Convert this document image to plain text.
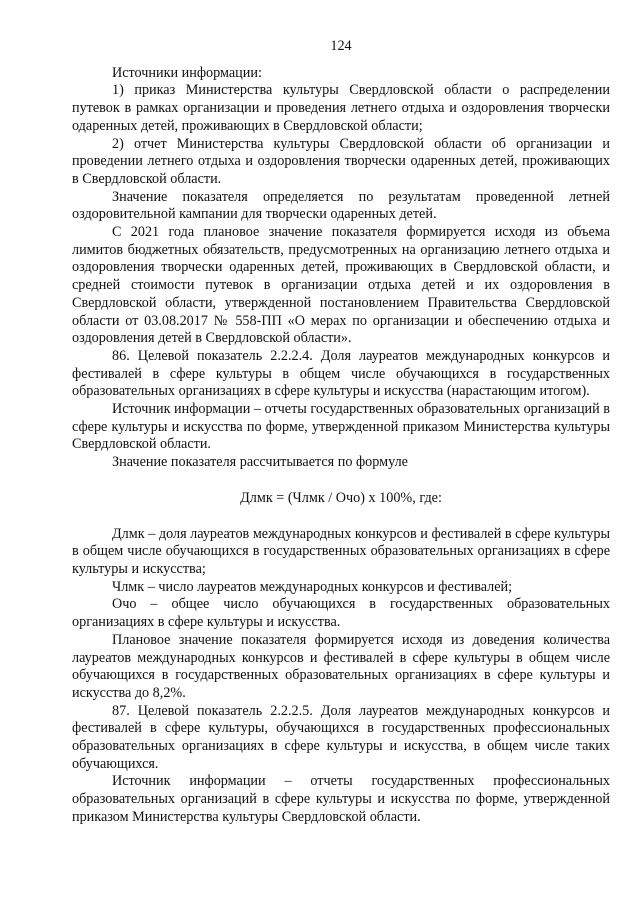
124

Источники информации:

1) приказ Министерства культуры Свердловской области о распределении путевок в рамках организации и проведения летнего отдыха и оздоровления творчески одаренных детей, проживающих в Свердловской области;

2) отчет Министерства культуры Свердловской области об организации и проведении летнего отдыха и оздоровления творчески одаренных детей, проживающих в Свердловской области.

Значение показателя определяется по результатам проведенной летней оздоровительной кампании для творчески одаренных детей.

С 2021 года плановое значение показателя формируется исходя из объема лимитов бюджетных обязательств, предусмотренных на организацию летнего отдыха и оздоровления творчески одаренных детей, проживающих в Свердловской области, и средней стоимости путевок в организации отдыха детей и их оздоровления в Свердловской области, утвержденной постановлением Правительства Свердловской области от 03.08.2017 № 558-ПП «О мерах по организации и обеспечению отдыха и оздоровления детей в Свердловской области».

86. Целевой показатель 2.2.2.4. Доля лауреатов международных конкурсов и фестивалей в сфере культуры в общем числе обучающихся в государственных образовательных организациях в сфере культуры и искусства (нарастающим итогом).

Источник информации – отчеты государственных образовательных организаций в сфере культуры и искусства по форме, утвержденной приказом Министерства культуры Свердловской области.

Значение показателя рассчитывается по формуле

Длмк = (Члмк / Очо) x 100%, где:

Длмк – доля лауреатов международных конкурсов и фестивалей в сфере культуры в общем числе обучающихся в государственных образовательных организациях в сфере культуры и искусства;

Члмк – число лауреатов международных конкурсов и фестивалей;

Очо – общее число обучающихся в государственных образовательных организациях в сфере культуры и искусства.

Плановое значение показателя формируется исходя из доведения количества лауреатов международных конкурсов и фестивалей в сфере культуры в общем числе обучающихся в государственных образовательных организациях в сфере культуры и искусства до 8,2%.

87. Целевой показатель 2.2.2.5. Доля лауреатов международных конкурсов и фестивалей в сфере культуры, обучающихся в государственных профессиональных образовательных организациях в сфере культуры и искусства, в общем числе таких обучающихся.

Источник информации – отчеты государственных профессиональных образовательных организаций в сфере культуры и искусства по форме, утвержденной приказом Министерства культуры Свердловской области.
